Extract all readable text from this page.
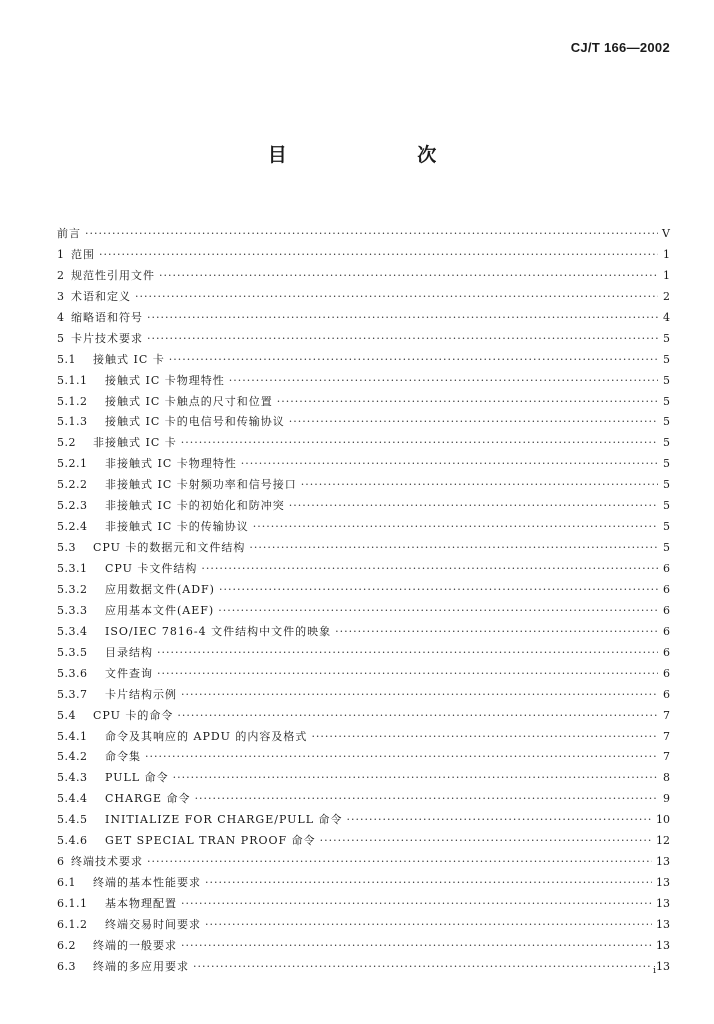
CJ/T 166—2002
目 次
前言 ·····	V
1 范围 ·····	1
2 规范性引用文件 ·····	1
3 术语和定义 ·····	2
4 缩略语和符号 ·····	4
5 卡片技术要求 ·····	5
5.1	接触式 IC 卡 ·····	5
5.1.1	接触式 IC 卡物理特性 ·····	5
5.1.2	接触式 IC 卡触点的尺寸和位置 ·····	5
5.1.3	接触式 IC 卡的电信号和传输协议 ·····	5
5.2	非接触式 IC 卡 ·····	5
5.2.1	非接触式 IC 卡物理特性 ·····	5
5.2.2	非接触式 IC 卡射频功率和信号接口 ·····	5
5.2.3	非接触式 IC 卡的初始化和防冲突 ·····	5
5.2.4	非接触式 IC 卡的传输协议 ·····	5
5.3	CPU 卡的数据元和文件结构 ·····	5
5.3.1	CPU 卡文件结构 ·····	6
5.3.2	应用数据文件(ADF) ·····	6
5.3.3	应用基本文件(AEF) ·····	6
5.3.4	ISO/IEC 7816-4 文件结构中文件的映象 ·····	6
5.3.5	目录结构 ·····	6
5.3.6	文件查询 ·····	6
5.3.7	卡片结构示例 ·····	6
5.4	CPU 卡的命令 ·····	7
5.4.1	命令及其响应的 APDU 的内容及格式 ·····	7
5.4.2	命令集 ·····	7
5.4.3	PULL 命令 ·····	8
5.4.4	CHARGE 命令 ·····	9
5.4.5	INITIALIZE FOR CHARGE/PULL 命令 ·····	10
5.4.6	GET SPECIAL TRAN PROOF 命令 ·····	12
6 终端技术要求 ·····	13
6.1	终端的基本性能要求 ·····	13
6.1.1	基本物理配置 ·····	13
6.1.2	终端交易时间要求 ·····	13
6.2	终端的一般要求 ·····	13
6.3	终端的多应用要求 ·····	13
i
